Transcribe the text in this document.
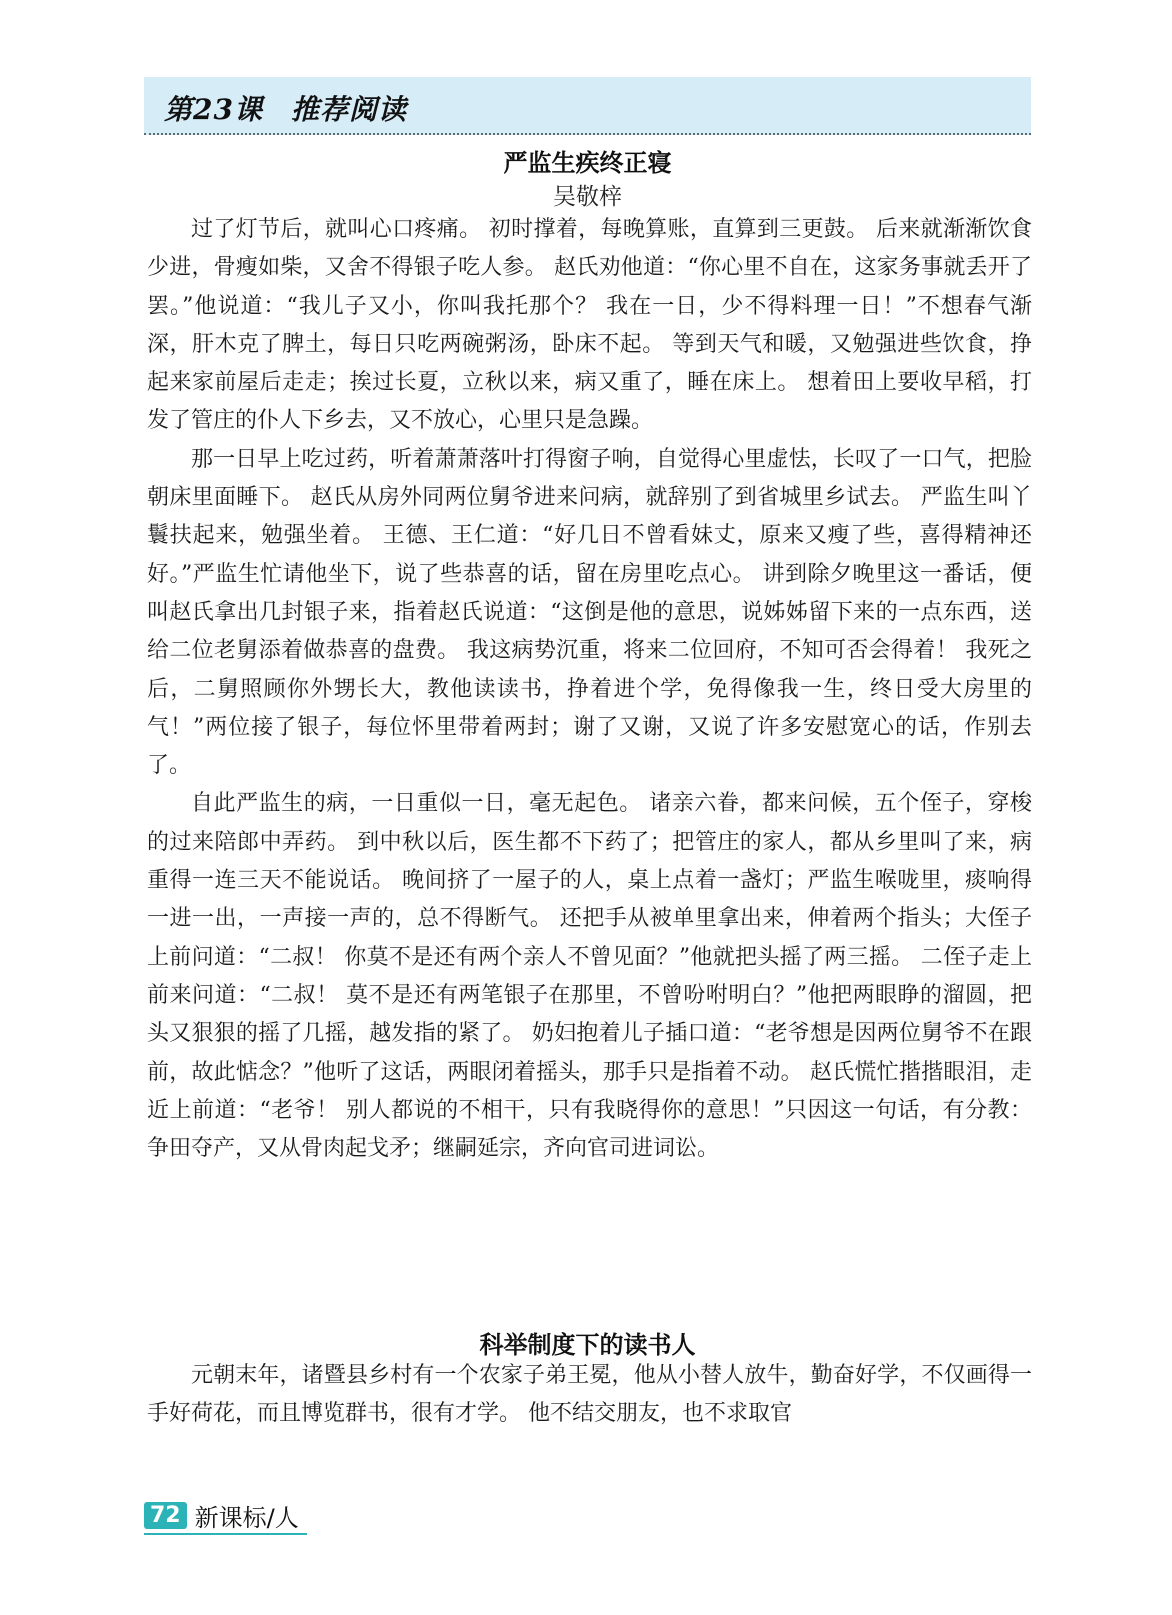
第23课 推荐阅读
严监生疾终正寝
吴敬梓

过了灯节后，就叫心口疼痛。 初时撑着，每晚算账，直算到三更鼓。 后来就渐渐饮食少进，骨瘦如柴，又舍不得银子吃人参。 赵氏劝他道：“你心里不自在，这家务事就丢开了罢。”他说道：“我儿子又小，你叫我托那个？ 我在一日，少不得料理一日！”不想春气渐深，肝木克了脾土，每日只吃两碗粥汤，卧床不起。 等到天气和暖，又勉强进些饮食，挣起来家前屋后走走；挨过长夏，立秋以来，病又重了，睡在床上。 想着田上要收早稻，打发了管庄的仆人下乡去，又不放心，心里只是急躁。

那一日早上吃过药，听着萧萧落叶打得窗子响，自觉得心里虚怯，长叹了一口气，把脸朝床里面睡下。 赵氏从房外同两位舅爷进来问病，就辞别了到省城里乡试去。 严监生叫丫鬟扶起来，勉强坐着。 王德、王仁道：“好几日不曾看妹丈，原来又瘦了些，喜得精神还好。”严监生忙请他坐下，说了些恭喜的话，留在房里吃点心。 讲到除夕晚里这一番话，便叫赵氏拿出几封银子来，指着赵氏说道：“这倒是他的意思，说姊姊留下来的一点东西，送给二位老舅添着做恭喜的盘费。 我这病势沉重，将来二位回府，不知可否会得着！ 我死之后，二舅照顾你外甥长大，教他读读书，挣着进个学，免得像我一生，终日受大房里的气！”两位接了银子，每位怀里带着两封；谢了又谢，又说了许多安慰宽心的话，作别去了。

自此严监生的病，一日重似一日，毫无起色。 诸亲六眷，都来问候，五个侄子，穿梭的过来陪郎中弄药。 到中秋以后，医生都不下药了；把管庄的家人，都从乡里叫了来，病重得一连三天不能说话。 晚间挤了一屋子的人，桌上点着一盏灯；严监生喉咙里，痰响得一进一出，一声接一声的，总不得断气。 还把手从被单里拿出来，伸着两个指头；大侄子上前问道：“二叔！ 你莫不是还有两个亲人不曾见面？”他就把头摇了两三摇。 二侄子走上前来问道：“二叔！ 莫不是还有两笔银子在那里，不曾吩咐明白？”他把两眼睁的溜圆，把头又狠狠的摇了几摇，越发指的紧了。 奶妇抱着儿子插口道：“老爷想是因两位舅爷不在跟前，故此惦念？”他听了这话，两眼闭着摇头，那手只是指着不动。 赵氏慌忙揩揩眼泪，走近上前道：“老爷！ 别人都说的不相干，只有我晓得你的意思！”只因这一句话，有分教：争田夺产，又从骨肉起戈矛；继嗣延宗，齐向官司进词讼。

科举制度下的读书人

元朝末年，诸暨县乡村有一个农家子弟王冕，他从小替人放牛，勤奋好学，不仅画得一手好荷花，而且博览群书，很有才学。 他不结交朋友，也不求取官

72 新课标/人
